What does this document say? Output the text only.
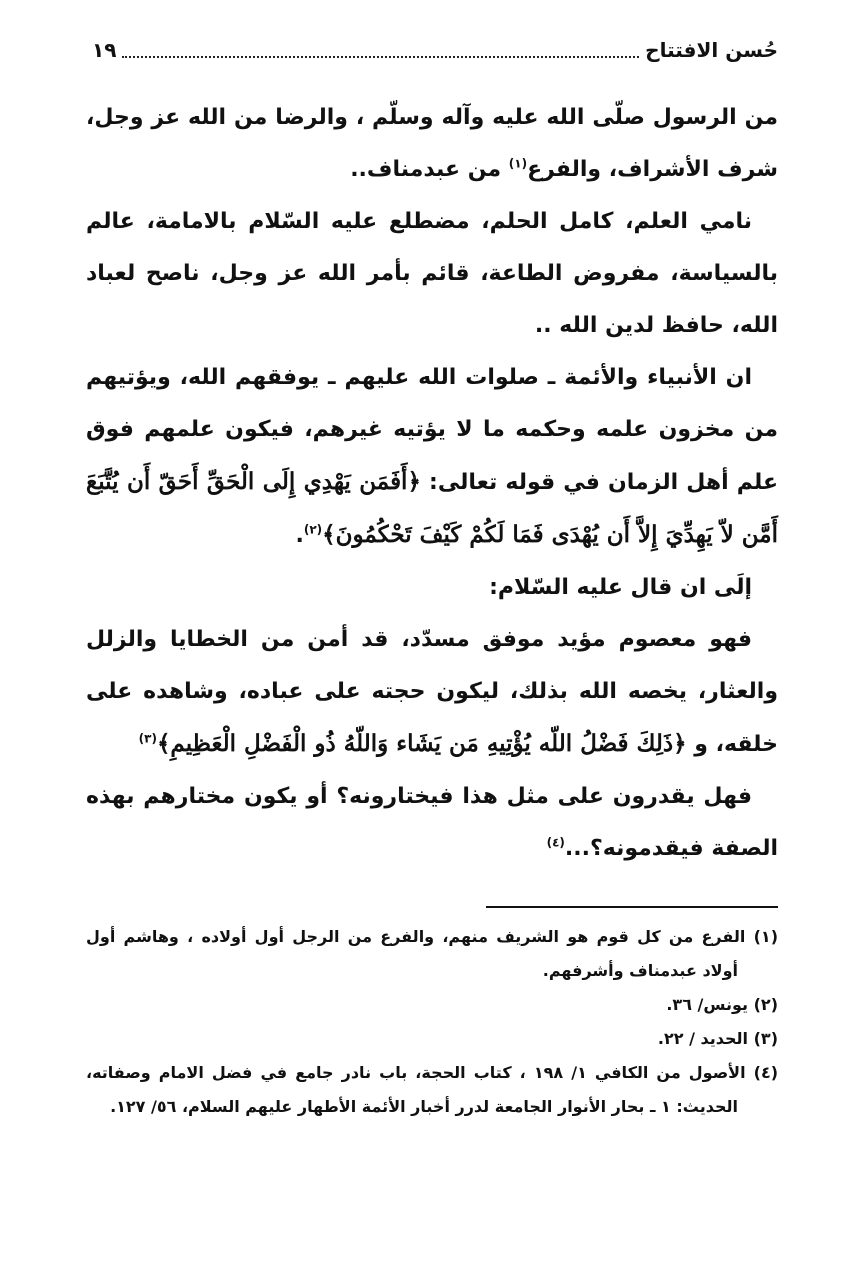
حُسن الافتتاح
١٩

من الرسول صلّى الله عليه وآله وسلّم ، والرضا من الله عز وجل، شرف الأشراف، والفرع$^{(١)}$ من عبدمناف..

نامي العلم، كامل الحلم، مضطلع عليه السّلام بالامامة، عالم بالسياسة، مفروض الطاعة، قائم بأمر الله عز وجل، ناصح لعباد الله، حافظ لدين الله ..

ان الأنبياء والأئمة ـ صلوات الله عليهم ـ يوفقهم الله، ويؤتيهم من مخزون علمه وحكمه ما لا يؤتيه غيرهم، فيكون علمهم فوق علم أهل الزمان في قوله تعالى: ﴿أَفَمَن يَهْدِي إِلَى الْحَقِّ أَحَقّ أَن يُتَّبَعَ أَمَّن لاّ يَهِدِّيَ إِلاَّ أَن يُهْدَى فَمَا لَكُمْ كَيْفَ تَحْكُمُونَ﴾$^{(٢)}$.

إلَى ان قال عليه السّلام:

فهو معصوم مؤيد موفق مسدّد، قد أمن من الخطايا والزلل والعثار، يخصه الله بذلك، ليكون حجته على عباده، وشاهده على خلقه، و ﴿ذَلِكَ فَضْلُ اللّه يُؤْتِيهِ مَن يَشَاء وَاللّهُ ذُو الْفَضْلِ الْعَظِيمِ﴾$^{(٣)}$

فهل يقدرون على مثل هذا فيختارونه؟ أو يكون مختارهم بهذه الصفة فيقدمونه؟...$^{(٤)}$

(١) الفرع من كل قوم هو الشريف منهم، والفرع من الرجل أول أولاده ، وهاشم أول أولاد عبدمناف وأشرفهم.

(٢) يونس/ ٣٦.

(٣) الحديد / ٢٢.

(٤) الأصول من الكافي ١/ ١٩٨ ، كتاب الحجة، باب نادر جامع في فضل الامام وصفاته، الحديث: ١ ـ بحار الأنوار الجامعة لدرر أخبار الأئمة الأطهار عليهم السلام، ٥٦/ ١٢٧.
